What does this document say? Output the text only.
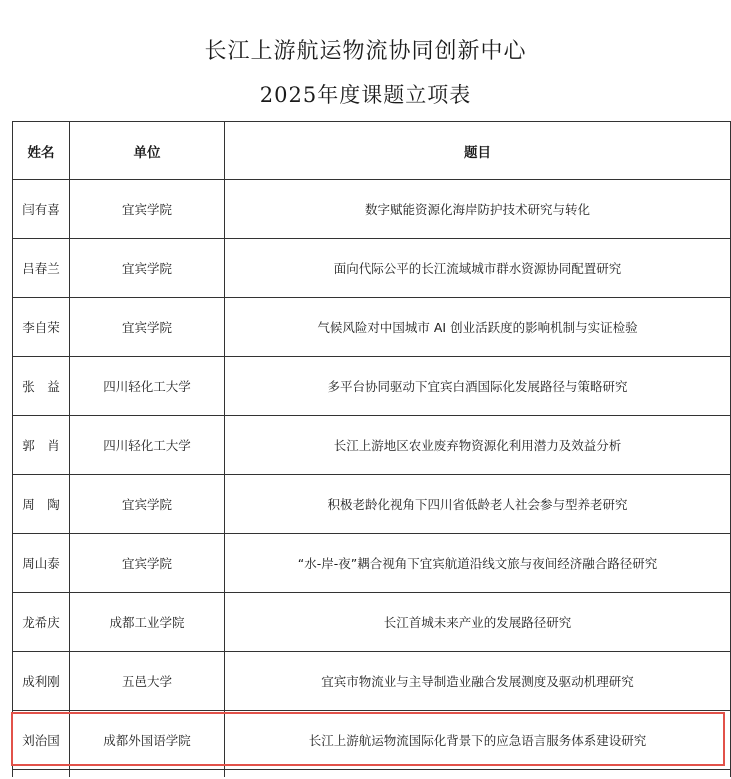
长江上游航运物流协同创新中心
2025年度课题立项表
姓名	单位	题目
闫有喜	宜宾学院	数字赋能资源化海岸防护技术研究与转化
吕春兰	宜宾学院	面向代际公平的长江流域城市群水资源协同配置研究
李自荣	宜宾学院	气候风险对中国城市 AI 创业活跃度的影响机制与实证检验
张　益	四川轻化工大学	多平台协同驱动下宜宾白酒国际化发展路径与策略研究
郭　肖	四川轻化工大学	长江上游地区农业废弃物资源化利用潜力及效益分析
周　陶	宜宾学院	积极老龄化视角下四川省低龄老人社会参与型养老研究
周山泰	宜宾学院	“水-岸-夜”耦合视角下宜宾航道沿线文旅与夜间经济融合路径研究
龙希庆	成都工业学院	长江首城未来产业的发展路径研究
成利刚	五邑大学	宜宾市物流业与主导制造业融合发展测度及驱动机理研究
刘治国	成都外国语学院	长江上游航运物流国际化背景下的应急语言服务体系建设研究
